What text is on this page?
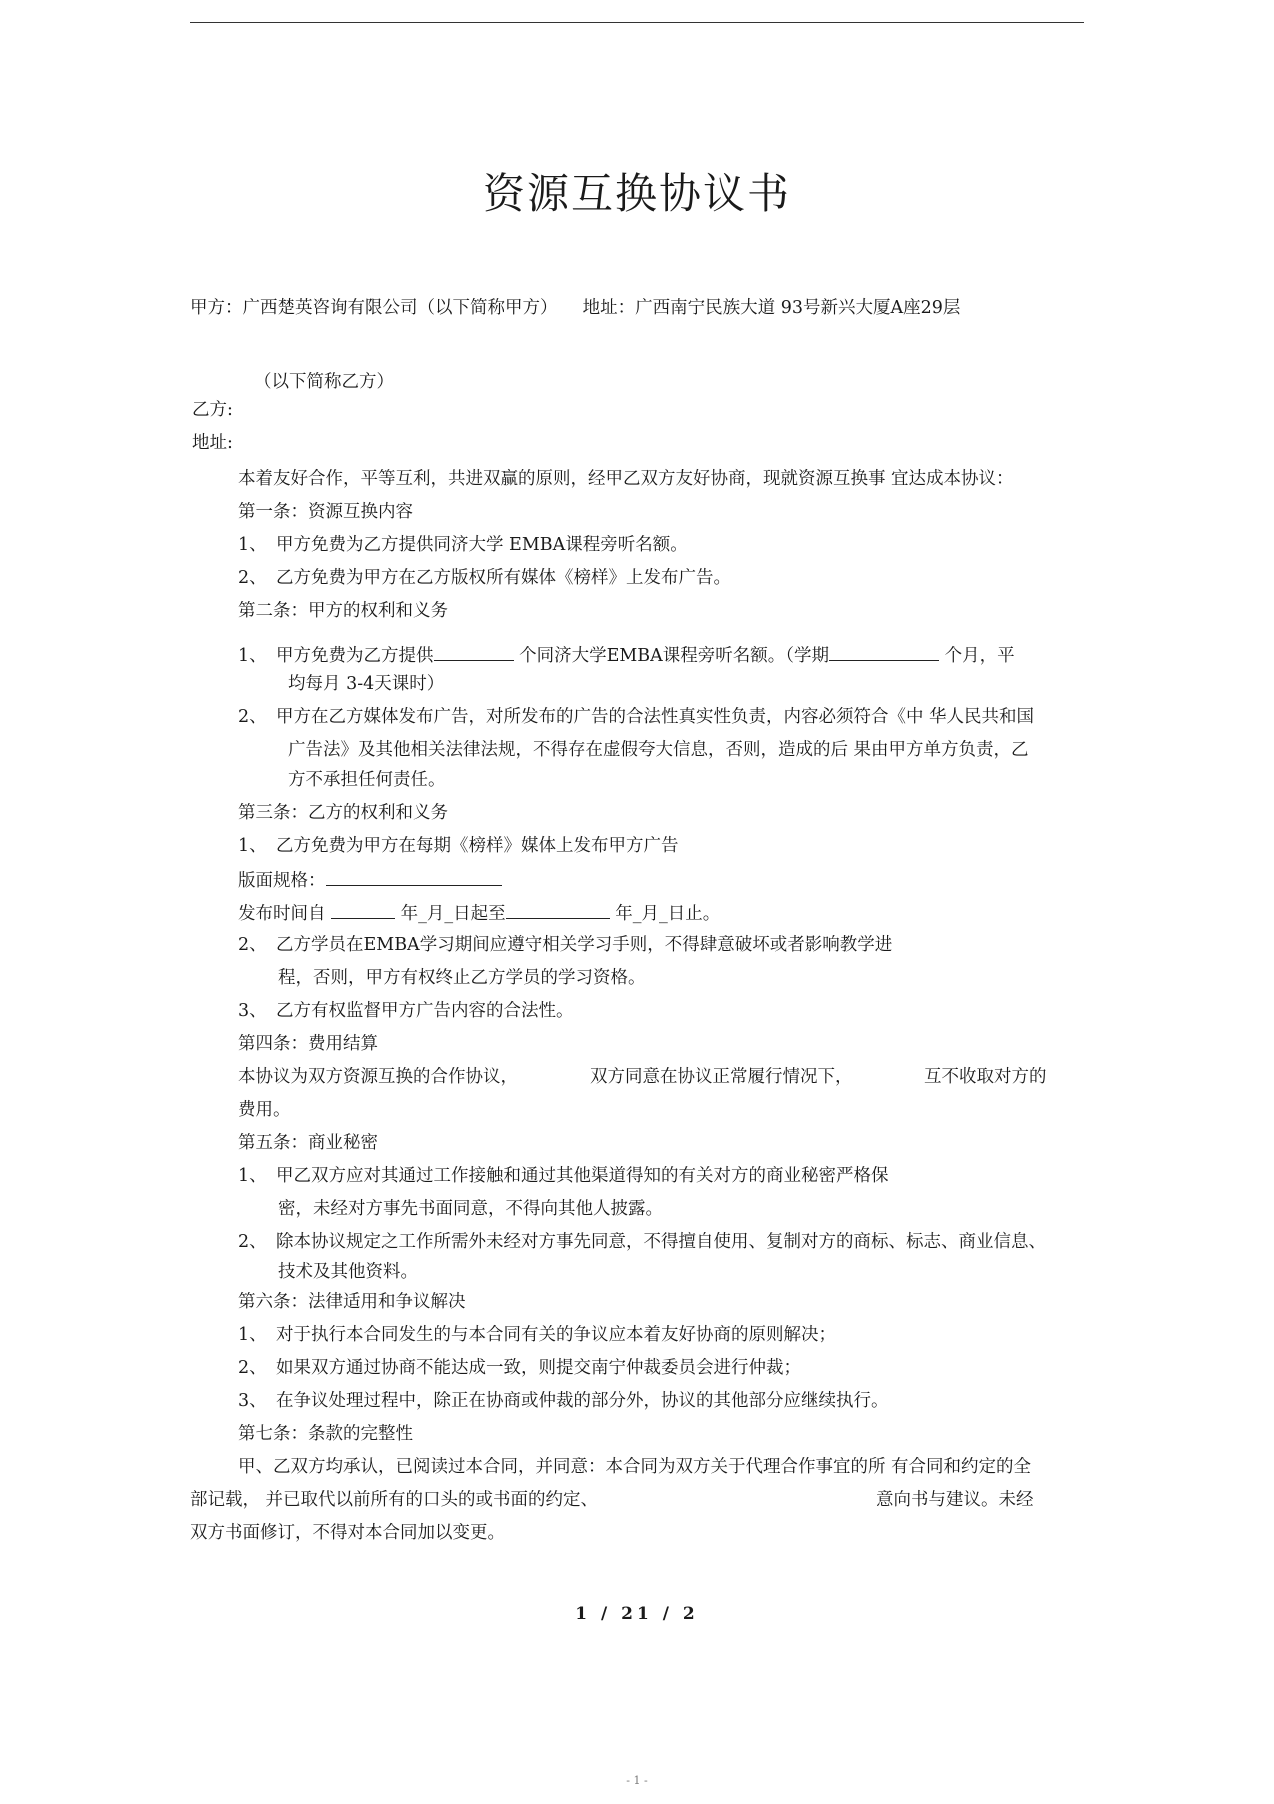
资源互换协议书
甲方：广西楚英咨询有限公司（以下简称甲方） 地址：广西南宁民族大道 93号新兴大厦A座29层
（以下简称乙方）
乙方:
地址:
本着友好合作，平等互利，共进双赢的原则，经甲乙双方友好协商，现就资源互换事 宜达成本协议：
第一条：资源互换内容
1、 甲方免费为乙方提供同济大学 EMBA课程旁听名额。
2、 乙方免费为甲方在乙方版权所有媒体《榜样》上发布广告。
第二条：甲方的权利和义务
1、 甲方免费为乙方提供	个同济大学EMBA课程旁听名额。（学期	个月，平
均每月 3-4天课时）
2、 甲方在乙方媒体发布广告，对所发布的广告的合法性真实性负责，内容必须符合《中 华人民共和国
广告法》及其他相关法律法规，不得存在虚假夸大信息，否则，造成的后 果由甲方单方负责，乙
方不承担任何责任。
第三条：乙方的权利和义务
1、 乙方免费为甲方在每期《榜样》媒体上发布甲方广告
版面规格：
发布时间自	年_月_日起至	年_月_日止。
2、 乙方学员在EMBA学习期间应遵守相关学习手则，不得肆意破坏或者影响教学进
程，否则，甲方有权终止乙方学员的学习资格。
3、 乙方有权监督甲方广告内容的合法性。
第四条：费用结算
本协议为双方资源互换的合作协议，	双方同意在协议正常履行情况下，	互不收取对方的
费用。
第五条：商业秘密
1、 甲乙双方应对其通过工作接触和通过其他渠道得知的有关对方的商业秘密严格保
密，未经对方事先书面同意，不得向其他人披露。
2、 除本协议规定之工作所需外未经对方事先同意，不得擅自使用、复制对方的商标、标志、商业信息、
技术及其他资料。
第六条：法律适用和争议解决
1、 对于执行本合同发生的与本合同有关的争议应本着友好协商的原则解决；
2、 如果双方通过协商不能达成一致，则提交南宁仲裁委员会进行仲裁；
3、 在争议处理过程中，除正在协商或仲裁的部分外，协议的其他部分应继续执行。
第七条：条款的完整性
甲、乙双方均承认，已阅读过本合同，并同意：本合同为双方关于代理合作事宜的所 有合同和约定的全
部记载， 并已取代以前所有的口头的或书面的约定、	意向书与建议。未经
双方书面修订，不得对本合同加以变更。
1 / 21 / 2
- 1 -
